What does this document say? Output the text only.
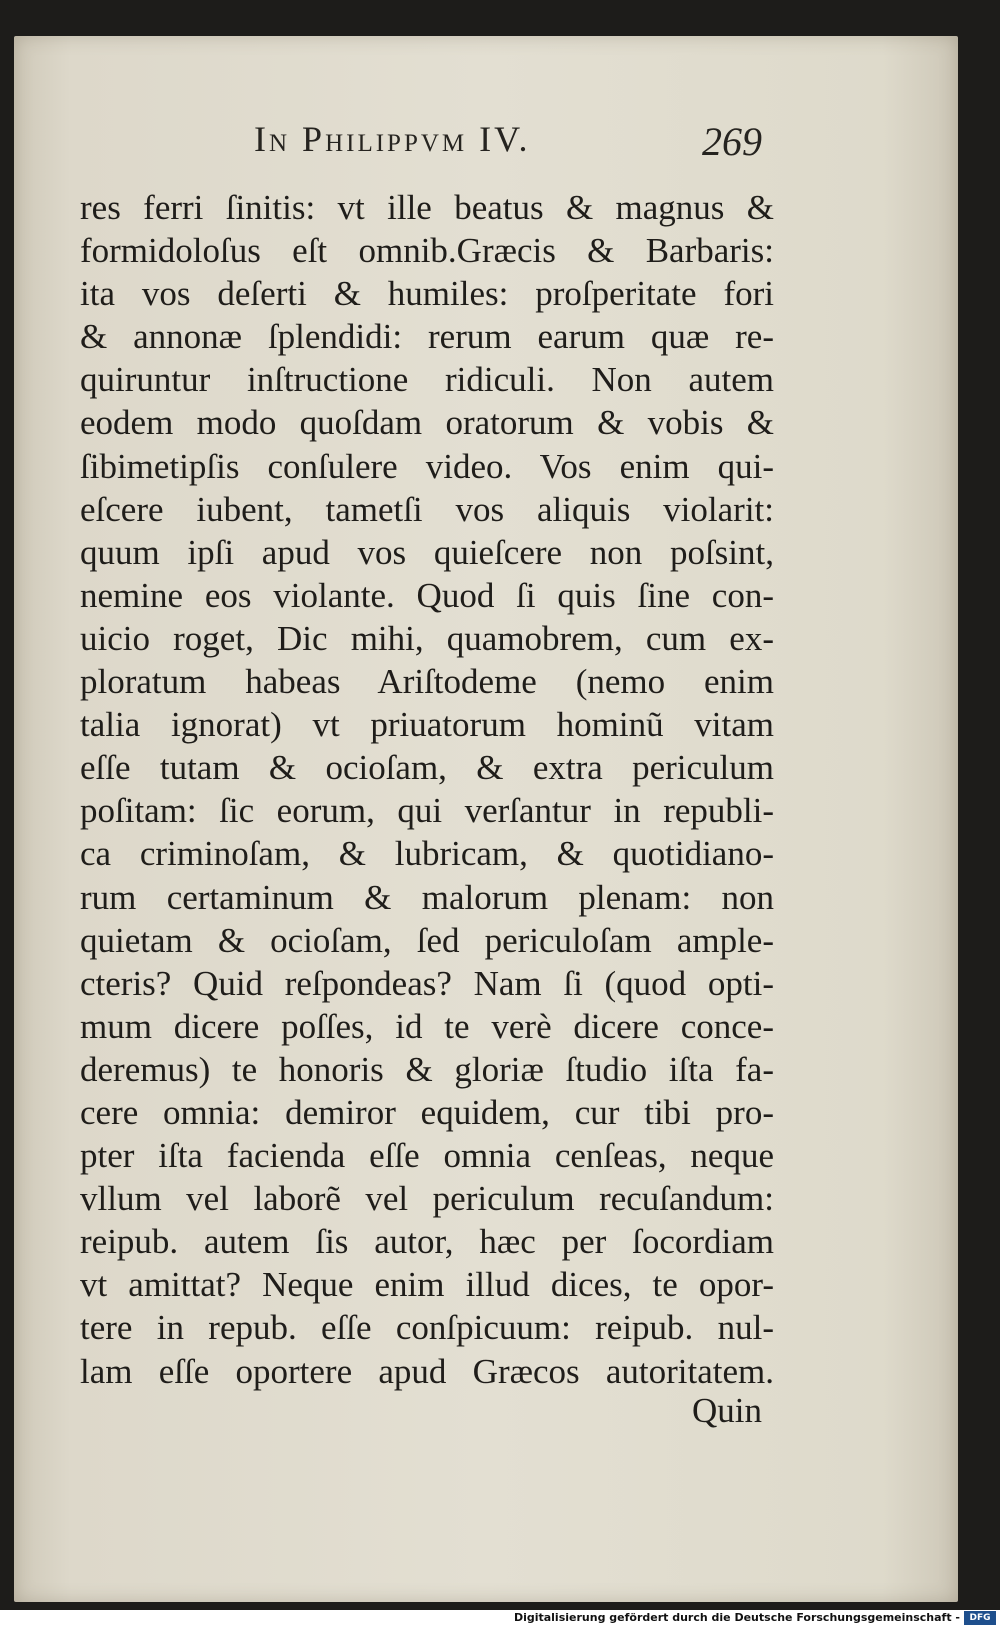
In Philippvm IV.	269
res ferri ſinitis: vt ille beatus & magnus &
formidoloſus eſt omnib.Græcis & Barbaris:
ita vos deſerti & humiles: proſperitate fori
& annonæ ſplendidi: rerum earum quæ re-
quiruntur inſtructione ridiculi. Non autem
eodem modo quoſdam oratorum & vobis &
ſibimetipſis conſulere video. Vos enim qui-
eſcere iubent, tametſi vos aliquis violarit:
quum ipſi apud vos quieſcere non poſsint,
nemine eos violante. Quod ſi quis ſine con-
uicio roget, Dic mihi, quamobrem, cum ex-
ploratum habeas Ariſtodeme (nemo enim
talia ignorat) vt priuatorum hominũ vitam
eſſe tutam & ocioſam, & extra periculum
poſitam: ſic eorum, qui verſantur in republi-
ca criminoſam, & lubricam, & quotidiano-
rum certaminum & malorum plenam: non
quietam & ocioſam, ſed periculoſam ample-
cteris? Quid reſpondeas? Nam ſi (quod opti-
mum dicere poſſes, id te verè dicere conce-
deremus) te honoris & gloriæ ſtudio iſta fa-
cere omnia: demiror equidem, cur tibi pro-
pter iſta facienda eſſe omnia cenſeas, neque
vllum vel laborẽ vel periculum recuſandum:
reipub. autem ſis autor, hæc per ſocordiam
vt amittat? Neque enim illud dices, te opor-
tere in repub. eſſe conſpicuum: reipub. nul-
lam eſſe oportere apud Græcos autoritatem.
Quin
Digitalisierung gefördert durch die Deutsche Forschungsgemeinschaft -	DFG
